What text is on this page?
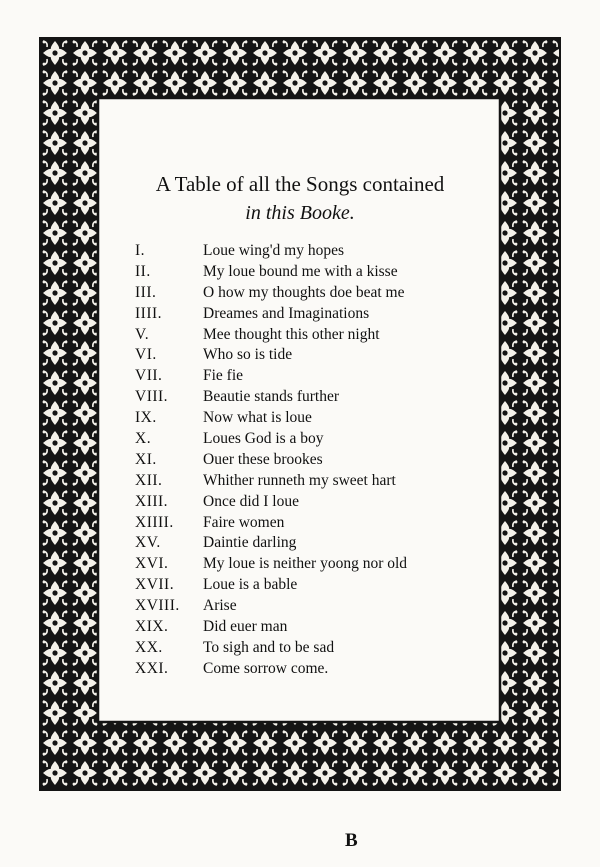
A Table of all the Songs contained
in this Booke.
I.	Loue wing'd my hopes
II.	My loue bound me with a kisse
III.	O how my thoughts doe beat me
IIII.	Dreames and Imaginations
V.	Mee thought this other night
VI.	Who so is tide
VII.	Fie fie
VIII. Beautie stands further
IX.	Now what is loue
X.	Loues God is a boy
XI.	Ouer these brookes
XII.	Whither runneth my sweet hart
XIII. Once did I loue
XIIII. Faire women
XV.	Daintie darling
XVI. My loue is neither yoong nor old
XVII. Loue is a bable
XVIII. Arise
XIX. Did euer man
XX.	To sigh and to be sad
XXI. Come sorrow come.
B
